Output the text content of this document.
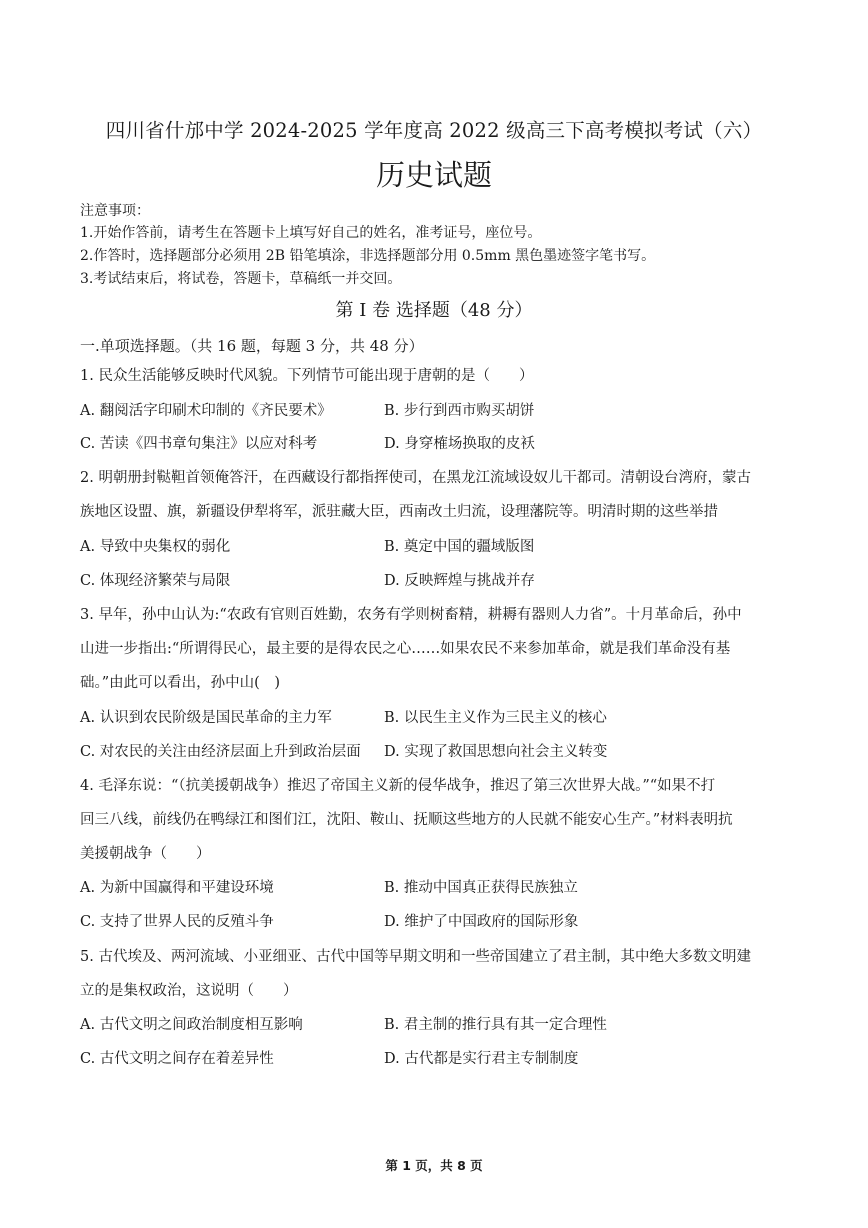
四川省什邡中学 2024-2025 学年度高 2022 级高三下高考模拟考试（六）
历史试题
注意事项：
1.开始作答前，请考生在答题卡上填写好自己的姓名，准考证号，座位号。
2.作答时，选择题部分必须用 2B 铅笔填涂，非选择题部分用 0.5mm 黑色墨迹签字笔书写。
3.考试结束后，将试卷，答题卡，草稿纸一并交回。
第 I 卷 选择题（48 分）
一.单项选择题。（共 16 题，每题 3 分，共 48 分）
1. 民众生活能够反映时代风貌。下列情节可能出现于唐朝的是（　　）
A. 翻阅活字印刷术印制的《齐民要术》	B. 步行到西市购买胡饼
C. 苦读《四书章句集注》以应对科考	D. 身穿榷场换取的皮袄
2. 明朝册封鞑靼首领俺答汗，在西藏设行都指挥使司，在黑龙江流域设奴儿干都司。清朝设台湾府，蒙古
族地区设盟、旗，新疆设伊犁将军，派驻藏大臣，西南改土归流，设理藩院等。明清时期的这些举措
A. 导致中央集权的弱化	B. 奠定中国的疆域版图
C. 体现经济繁荣与局限	D. 反映辉煌与挑战并存
3. 早年，孙中山认为:“农政有官则百姓勤，农务有学则树畜精，耕耨有器则人力省”。十月革命后，孙中
山进一步指出:“所谓得民心，最主要的是得农民之心……如果农民不来参加革命，就是我们革命没有基
础。”由此可以看出，孙中山(　)
A. 认识到农民阶级是国民革命的主力军	B. 以民生主义作为三民主义的核心
C. 对农民的关注由经济层面上升到政治层面 D. 实现了救国思想向社会主义转变
4. 毛泽东说：“（抗美援朝战争）推迟了帝国主义新的侵华战争，推迟了第三次世界大战。”“如果不打
回三八线，前线仍在鸭绿江和图们江，沈阳、鞍山、抚顺这些地方的人民就不能安心生产。”材料表明抗
美援朝战争（　　）
A. 为新中国赢得和平建设环境	B. 推动中国真正获得民族独立
C. 支持了世界人民的反殖斗争	D. 维护了中国政府的国际形象
5. 古代埃及、两河流域、小亚细亚、古代中国等早期文明和一些帝国建立了君主制，其中绝大多数文明建
立的是集权政治，这说明（　　）
A. 古代文明之间政治制度相互影响	B. 君主制的推行具有其一定合理性
C. 古代文明之间存在着差异性	D. 古代都是实行君主专制制度
第 1 页，共 8 页
